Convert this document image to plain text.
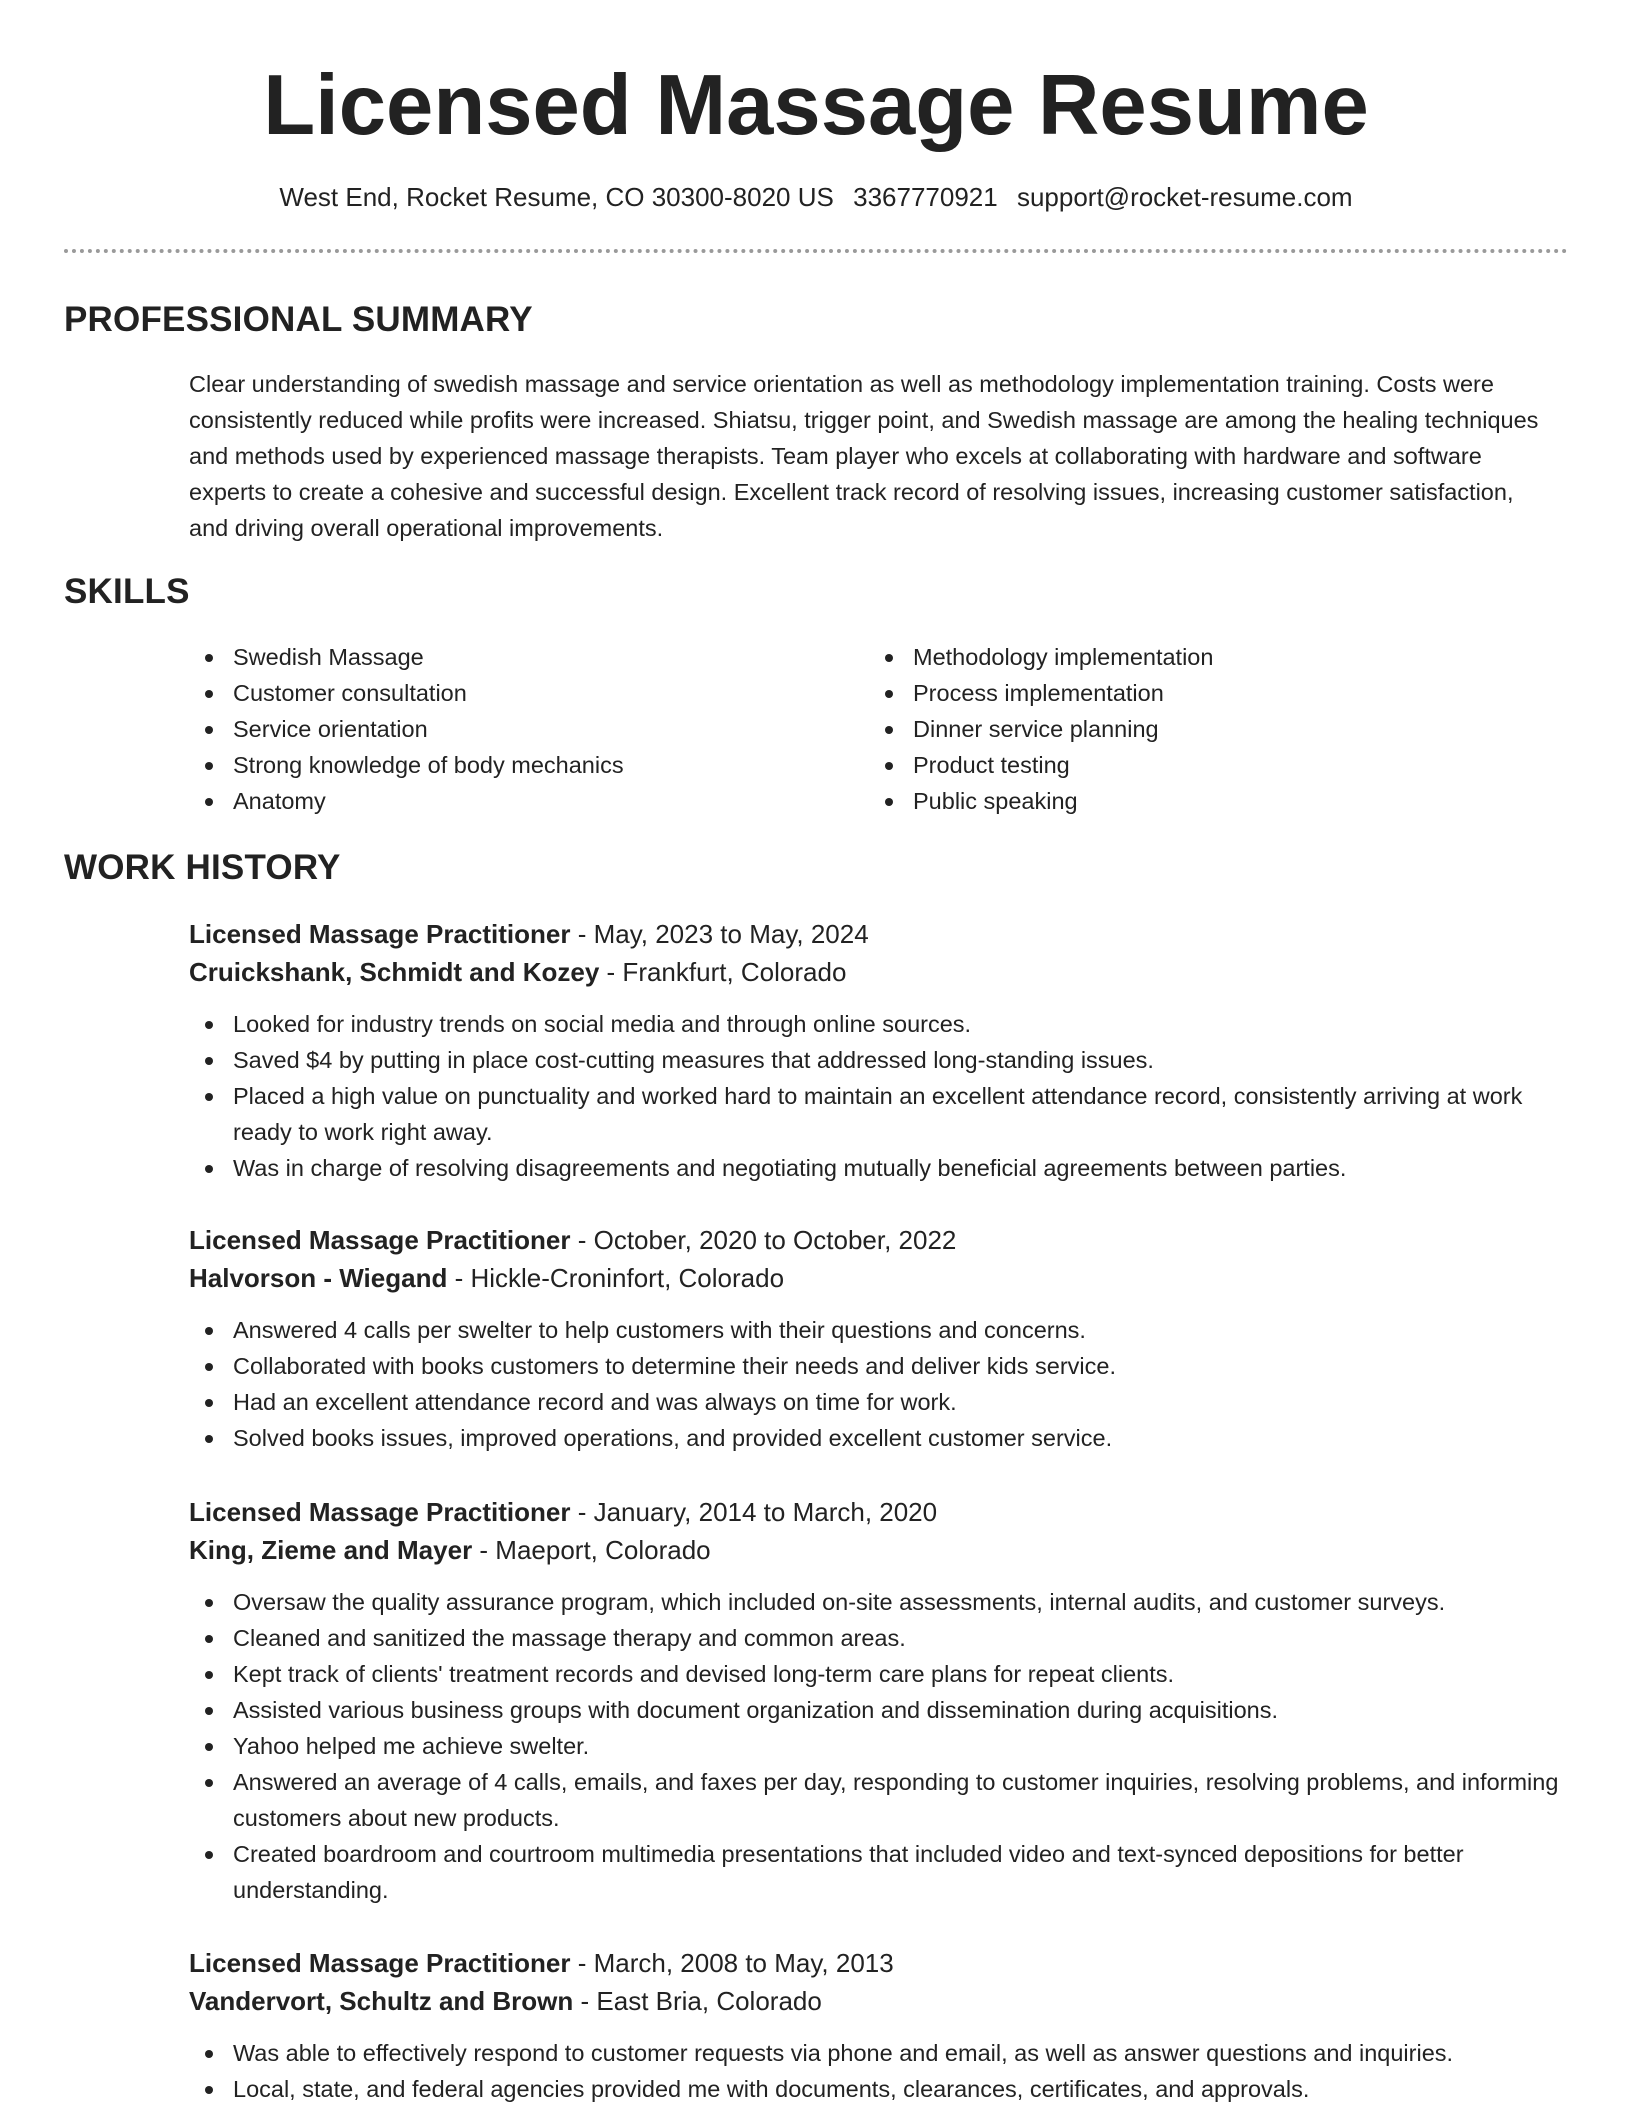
Licensed Massage Resume
West End, Rocket Resume, CO 30300-8020 US 3367770921 support@rocket-resume.com
PROFESSIONAL SUMMARY

Clear understanding of swedish massage and service orientation as well as methodology implementation training. Costs were consistently reduced while profits were increased. Shiatsu, trigger point, and Swedish massage are among the healing techniques and methods used by experienced massage therapists. Team player who excels at collaborating with hardware and software experts to create a cohesive and successful design. Excellent track record of resolving issues, increasing customer satisfaction, and driving overall operational improvements.

SKILLS
Swedish Massage
Customer consultation
Service orientation
Strong knowledge of body mechanics
Anatomy
Methodology implementation
Process implementation
Dinner service planning
Product testing
Public speaking
WORK HISTORY
Licensed Massage Practitioner - May, 2023 to May, 2024
Cruickshank, Schmidt and Kozey - Frankfurt, Colorado
Looked for industry trends on social media and through online sources.
Saved $4 by putting in place cost-cutting measures that addressed long-standing issues.
Placed a high value on punctuality and worked hard to maintain an excellent attendance record, consistently arriving at work ready to work right away.
Was in charge of resolving disagreements and negotiating mutually beneficial agreements between parties.
Licensed Massage Practitioner - October, 2020 to October, 2022
Halvorson - Wiegand - Hickle-Croninfort, Colorado
Answered 4 calls per swelter to help customers with their questions and concerns.
Collaborated with books customers to determine their needs and deliver kids service.
Had an excellent attendance record and was always on time for work.
Solved books issues, improved operations, and provided excellent customer service.
Licensed Massage Practitioner - January, 2014 to March, 2020
King, Zieme and Mayer - Maeport, Colorado
Oversaw the quality assurance program, which included on-site assessments, internal audits, and customer surveys.
Cleaned and sanitized the massage therapy and common areas.
Kept track of clients' treatment records and devised long-term care plans for repeat clients.
Assisted various business groups with document organization and dissemination during acquisitions.
Yahoo helped me achieve swelter.
Answered an average of 4 calls, emails, and faxes per day, responding to customer inquiries, resolving problems, and informing customers about new products.
Created boardroom and courtroom multimedia presentations that included video and text-synced depositions for better understanding.
Licensed Massage Practitioner - March, 2008 to May, 2013
Vandervort, Schultz and Brown - East Bria, Colorado
Was able to effectively respond to customer requests via phone and email, as well as answer questions and inquiries.
Local, state, and federal agencies provided me with documents, clearances, certificates, and approvals.
